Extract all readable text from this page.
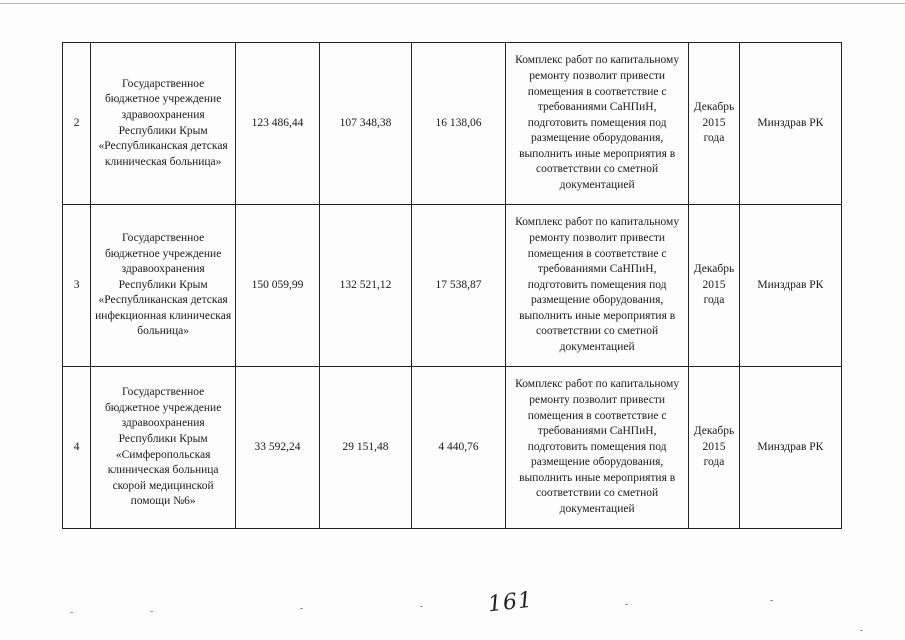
2	Государственное бюджетное учреждение здравоохранения Республики Крым «Республиканская детская клиническая больница»	123 486,44	107 348,38	16 138,06	Комплекс работ по капитальному ремонту позволит привести помещения в соответствие с требованиями СаНПиН, подготовить помещения под размещение оборудования, выполнить иные мероприятия в соответствии со сметной документацией	Декабрь 2015 года	Минздрав РК
3	Государственное бюджетное учреждение здравоохранения Республики Крым «Республиканская детская инфекционная клиническая больница»	150 059,99	132 521,12	17 538,87	Комплекс работ по капитальному ремонту позволит привести помещения в соответствие с требованиями СаНПиН, подготовить помещения под размещение оборудования, выполнить иные мероприятия в соответствии со сметной документацией	Декабрь 2015 года	Минздрав РК
4	Государственное бюджетное учреждение здравоохранения Республики Крым «Симферопольская клиническая больница скорой медицинской помощи №6»	33 592,24	29 151,48	4 440,76	Комплекс работ по капитальному ремонту позволит привести помещения в соответствие с требованиями СаНПиН, подготовить помещения под размещение оборудования, выполнить иные мероприятия в соответствии со сметной документацией	Декабрь 2015 года	Минздрав РК
161
